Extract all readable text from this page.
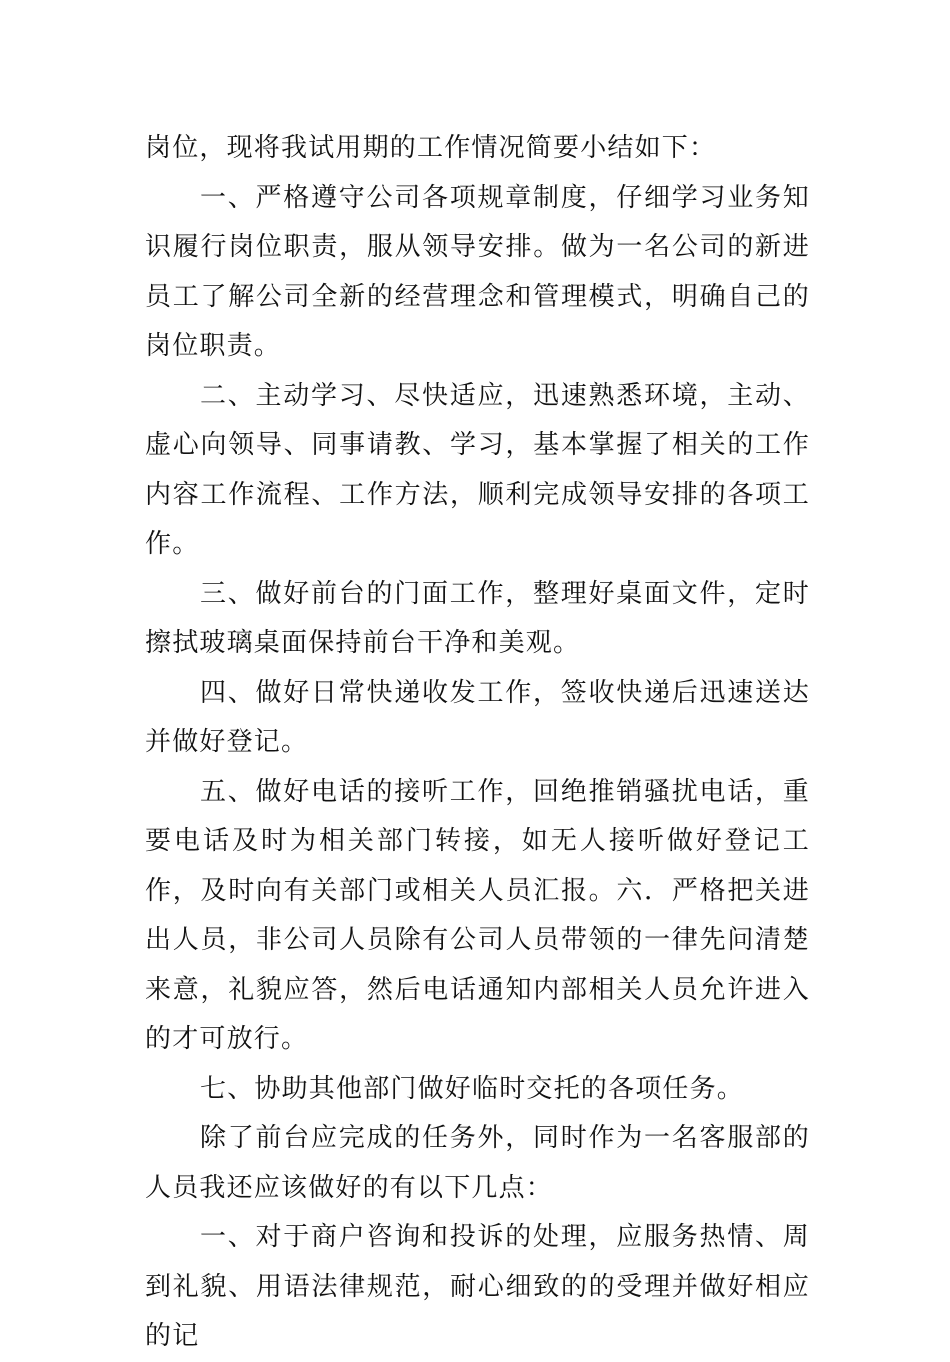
岗位，现将我试用期的工作情况简要小结如下：

一、严格遵守公司各项规章制度，仔细学习业务知识履行岗位职责，服从领导安排。做为一名公司的新进员工了解公司全新的经营理念和管理模式，明确自己的岗位职责。

二、主动学习、尽快适应，迅速熟悉环境，主动、虚心向领导、同事请教、学习，基本掌握了相关的工作内容工作流程、工作方法，顺利完成领导安排的各项工作。

三、做好前台的门面工作，整理好桌面文件，定时擦拭玻璃桌面保持前台干净和美观。

四、做好日常快递收发工作，签收快递后迅速送达并做好登记。

五、做好电话的接听工作，回绝推销骚扰电话，重要电话及时为相关部门转接，如无人接听做好登记工作，及时向有关部门或相关人员汇报。六．严格把关进出人员，非公司人员除有公司人员带领的一律先问清楚来意，礼貌应答，然后电话通知内部相关人员允许进入的才可放行。

七、协助其他部门做好临时交托的各项任务。

除了前台应完成的任务外，同时作为一名客服部的人员我还应该做好的有以下几点：

一、对于商户咨询和投诉的处理，应服务热情、周到礼貌、用语法律规范，耐心细致的的受理并做好相应的记
